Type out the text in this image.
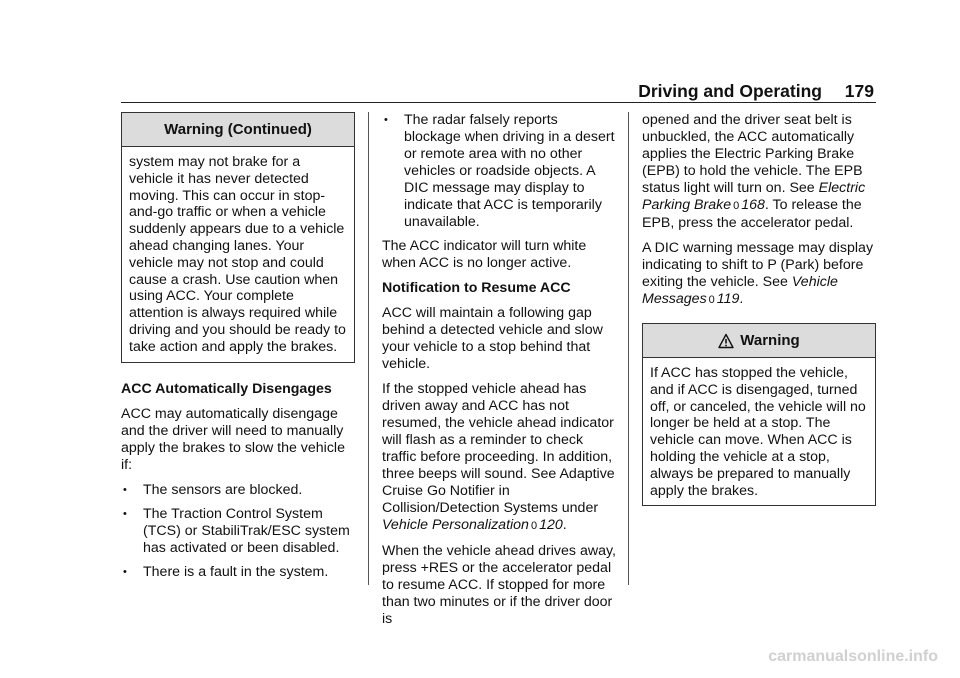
Driving and Operating 179
Warning (Continued)
system may not brake for a vehicle it has never detected moving. This can occur in stop-and-go traffic or when a vehicle suddenly appears due to a vehicle ahead changing lanes. Your vehicle may not stop and could cause a crash. Use caution when using ACC. Your complete attention is always required while driving and you should be ready to take action and apply the brakes.
ACC Automatically Disengages

ACC may automatically disengage and the driver will need to manually apply the brakes to slow the vehicle if:

• The sensors are blocked.
• The Traction Control System (TCS) or StabiliTrak/ESC system has activated or been disabled.
• There is a fault in the system.
• The radar falsely reports blockage when driving in a desert or remote area with no other vehicles or roadside objects. A DIC message may display to indicate that ACC is temporarily unavailable.

The ACC indicator will turn white when ACC is no longer active.

Notification to Resume ACC

ACC will maintain a following gap behind a detected vehicle and slow your vehicle to a stop behind that vehicle.

If the stopped vehicle ahead has driven away and ACC has not resumed, the vehicle ahead indicator will flash as a reminder to check traffic before proceeding. In addition, three beeps will sound. See Adaptive Cruise Go Notifier in Collision/Detection Systems under Vehicle Personalization 0 120.

When the vehicle ahead drives away, press +RES or the accelerator pedal to resume ACC. If stopped for more than two minutes or if the driver door is

opened and the driver seat belt is unbuckled, the ACC automatically applies the Electric Parking Brake (EPB) to hold the vehicle. The EPB status light will turn on. See Electric Parking Brake 0 168. To release the EPB, press the accelerator pedal.

A DIC warning message may display indicating to shift to P (Park) before exiting the vehicle. See Vehicle Messages 0 119.

Warning
If ACC has stopped the vehicle, and if ACC is disengaged, turned off, or canceled, the vehicle will no longer be held at a stop. The vehicle can move. When ACC is holding the vehicle at a stop, always be prepared to manually apply the brakes.
carmanualsonline.info
